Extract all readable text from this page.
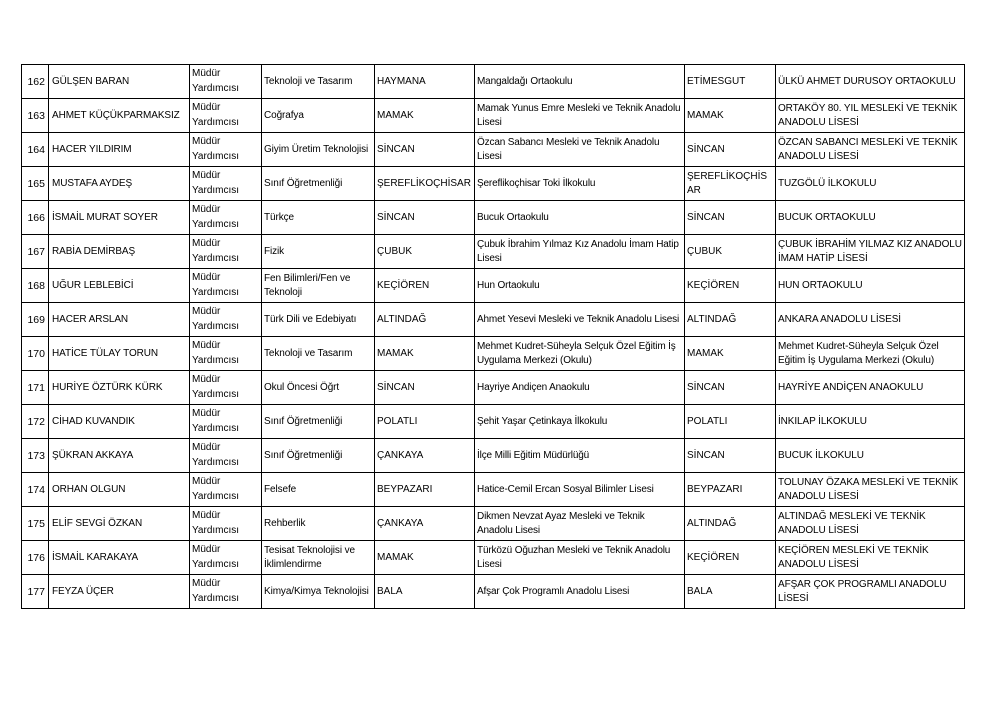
162	GÜLŞEN BARAN	Müdür Yardımcısı	Teknoloji ve Tasarım	HAYMANA	Mangaldağı Ortaokulu	ETİMESGUT	ÜLKÜ AHMET DURUSOY ORTAOKULU
163	AHMET KÜÇÜKPARMAKSIZ	Müdür Yardımcısı	Coğrafya	MAMAK	Mamak Yunus Emre Mesleki ve Teknik Anadolu Lisesi	MAMAK	ORTAKÖY 80. YIL MESLEKİ VE TEKNİK ANADOLU LİSESİ
164	HACER YILDIRIM	Müdür Yardımcısı	Giyim Üretim Teknolojisi	SİNCAN	Özcan Sabancı Mesleki ve Teknik Anadolu Lisesi	SİNCAN	ÖZCAN SABANCI MESLEKİ VE TEKNİK ANADOLU LİSESİ
165	MUSTAFA AYDEŞ	Müdür Yardımcısı	Sınıf Öğretmenliği	ŞEREFLİKOÇHİSAR	Şereflikoçhisar Toki İlkokulu	ŞEREFLİKOÇHİSAR	TUZGÖLÜ İLKOKULU
166	İSMAİL MURAT SOYER	Müdür Yardımcısı	Türkçe	SİNCAN	Bucuk Ortaokulu	SİNCAN	BUCUK ORTAOKULU
167	RABİA DEMİRBAŞ	Müdür Yardımcısı	Fizik	ÇUBUK	Çubuk İbrahim Yılmaz Kız Anadolu İmam Hatip Lisesi	ÇUBUK	ÇUBUK İBRAHİM YILMAZ KIZ ANADOLU İMAM HATİP LİSESİ
168	UĞUR LEBLEBİCİ	Müdür Yardımcısı	Fen Bilimleri/Fen ve Teknoloji	KEÇİÖREN	Hun Ortaokulu	KEÇİÖREN	HUN ORTAOKULU
169	HACER ARSLAN	Müdür Yardımcısı	Türk Dili ve Edebiyatı	ALTINDAĞ	Ahmet Yesevi Mesleki ve Teknik Anadolu Lisesi	ALTINDAĞ	ANKARA ANADOLU LİSESİ
170	HATİCE TÜLAY TORUN	Müdür Yardımcısı	Teknoloji ve Tasarım	MAMAK	Mehmet Kudret-Süheyla Selçuk Özel Eğitim İş Uygulama Merkezi (Okulu)	MAMAK	Mehmet Kudret-Süheyla Selçuk Özel Eğitim İş Uygulama Merkezi (Okulu)
171	HURİYE ÖZTÜRK KÜRK	Müdür Yardımcısı	Okul Öncesi Öğrt	SİNCAN	Hayriye Andiçen Anaokulu	SİNCAN	HAYRİYE ANDİÇEN ANAOKULU
172	CİHAD KUVANDIK	Müdür Yardımcısı	Sınıf Öğretmenliği	POLATLI	Şehit Yaşar Çetinkaya İlkokulu	POLATLI	İNKILAP İLKOKULU
173	ŞÜKRAN AKKAYA	Müdür Yardımcısı	Sınıf Öğretmenliği	ÇANKAYA	İlçe Milli Eğitim Müdürlüğü	SİNCAN	BUCUK İLKOKULU
174	ORHAN OLGUN	Müdür Yardımcısı	Felsefe	BEYPAZARI	Hatice-Cemil Ercan Sosyal Bilimler Lisesi	BEYPAZARI	TOLUNAY ÖZAKA MESLEKİ VE TEKNİK ANADOLU LİSESİ
175	ELİF SEVGİ ÖZKAN	Müdür Yardımcısı	Rehberlik	ÇANKAYA	Dikmen Nevzat Ayaz Mesleki ve Teknik Anadolu Lisesi	ALTINDAĞ	ALTINDAĞ MESLEKİ VE TEKNİK ANADOLU LİSESİ
176	İSMAİL KARAKAYA	Müdür Yardımcısı	Tesisat Teknolojisi ve İklimlendirme	MAMAK	Türközü Oğuzhan Mesleki ve Teknik Anadolu Lisesi	KEÇİÖREN	KEÇİÖREN MESLEKİ VE TEKNİK ANADOLU LİSESİ
177	FEYZA ÜÇER	Müdür Yardımcısı	Kimya/Kimya Teknolojisi	BALA	Afşar Çok Programlı Anadolu Lisesi	BALA	AFŞAR ÇOK PROGRAMLI ANADOLU LİSESİ
